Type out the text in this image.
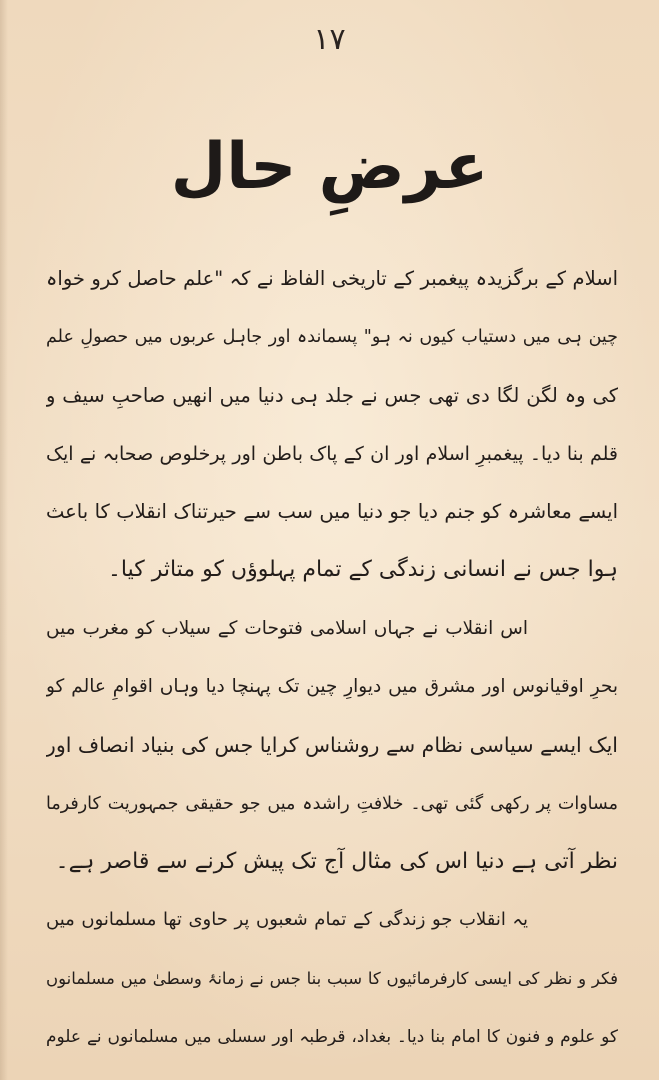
۱۷
عرضِ حال
اسلام کے برگزیدہ پیغمبر کے تاریخی الفاظ نے کہ "علم حاصل کرو خواہ
چین ہی میں دستیاب کیوں نہ ہو" پسماندہ اور جاہل عربوں میں حصولِ علم
کی وہ لگن لگا دی تھی جس نے جلد ہی دنیا میں انھیں صاحبِ سیف و
قلم بنا دیا۔ پیغمبرِ اسلام اور ان کے پاک باطن اور پرخلوص صحابہ نے ایک
ایسے معاشرہ کو جنم دیا جو دنیا میں سب سے حیرتناک انقلاب کا باعث
ہوا جس نے انسانی زندگی کے تمام پہلوؤں کو متاثر کیا۔
اس انقلاب نے جہاں اسلامی فتوحات کے سیلاب کو مغرب میں
بحرِ اوقیانوس اور مشرق میں دیوارِ چین تک پہنچا دیا وہاں اقوامِ عالم کو
ایک ایسے سیاسی نظام سے روشناس کرایا جس کی بنیاد انصاف اور
مساوات پر رکھی گئی تھی۔ خلافتِ راشدہ میں جو حقیقی جمہوریت کارفرما
نظر آتی ہے دنیا اس کی مثال آج تک پیش کرنے سے قاصر ہے۔
یہ انقلاب جو زندگی کے تمام شعبوں پر حاوی تھا مسلمانوں میں
فکر و نظر کی ایسی کارفرمائیوں کا سبب بنا جس نے زمانۂ وسطیٰ میں مسلمانوں
کو علوم و فنون کا امام بنا دیا۔ بغداد، قرطبہ اور سسلی میں مسلمانوں نے علوم
